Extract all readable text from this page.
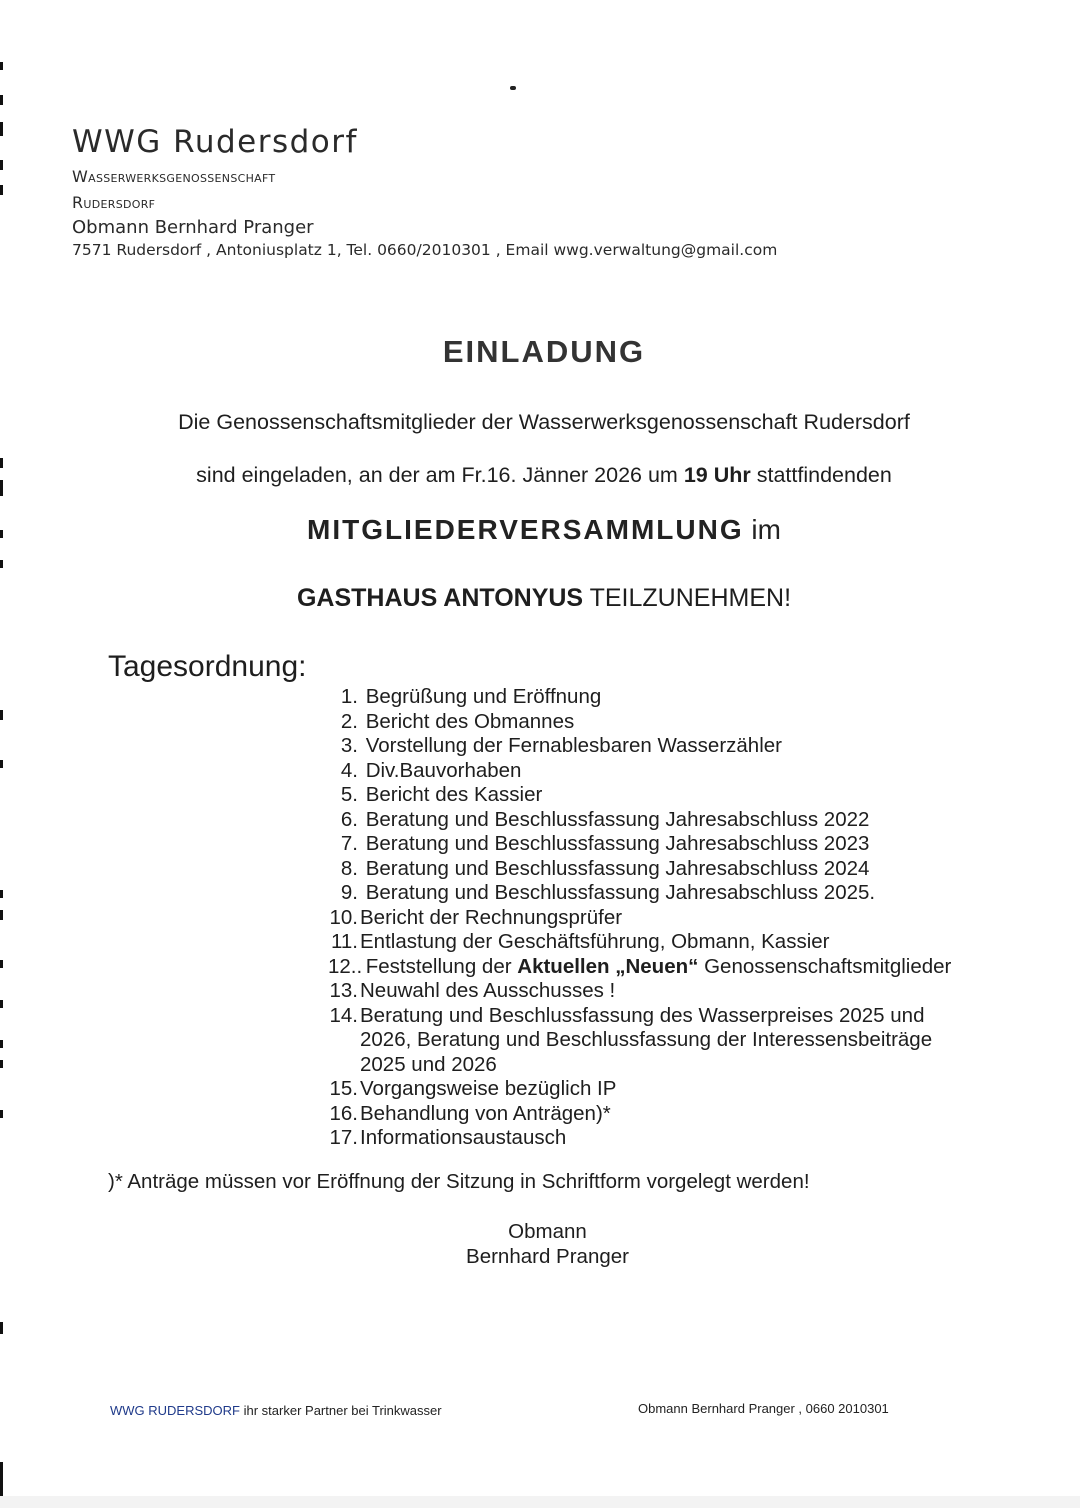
WWG Rudersdorf
Wasserwerksgenossenschaft
Rudersdorf
Obmann Bernhard Pranger
7571 Rudersdorf , Antoniusplatz 1, Tel. 0660/2010301 , Email wwg.verwaltung@gmail.com
EINLADUNG
Die Genossenschaftsmitglieder der Wasserwerksgenossenschaft Rudersdorf
sind eingeladen, an der am Fr.16. Jänner 2026 um 19 Uhr stattfindenden
MITGLIEDERVERSAMMLUNG im
GASTHAUS ANTONYUS TEILZUNEHMEN!
Tagesordnung:
1.
Begrüßung und Eröffnung
2.
Bericht des Obmannes
3.
Vorstellung der Fernablesbaren Wasserzähler
4.
Div.Bauvorhaben
5.
Bericht des Kassier
6.
Beratung und Beschlussfassung Jahresabschluss 2022
7.
Beratung und Beschlussfassung Jahresabschluss 2023
8.
Beratung und Beschlussfassung Jahresabschluss 2024
9.
Beratung und Beschlussfassung Jahresabschluss 2025.
10. Bericht der Rechnungsprüfer
11. Entlastung der Geschäftsführung, Obmann, Kassier
12..
Feststellung der Aktuellen „Neuen“ Genossenschaftsmitglieder
13. Neuwahl des Ausschusses !
14. Beratung und Beschlussfassung des Wasserpreises 2025 und 2026, Beratung und Beschlussfassung der Interessensbeiträge 2025 und 2026
15. Vorgangsweise bezüglich IP
16. Behandlung von Anträgen)*
17. Informationsaustausch
)* Anträge müssen vor Eröffnung der Sitzung in Schriftform vorgelegt werden!
Obmann
Bernhard Pranger
WWG RUDERSDORF ihr starker Partner bei Trinkwasser	Obmann Bernhard Pranger , 0660 2010301
